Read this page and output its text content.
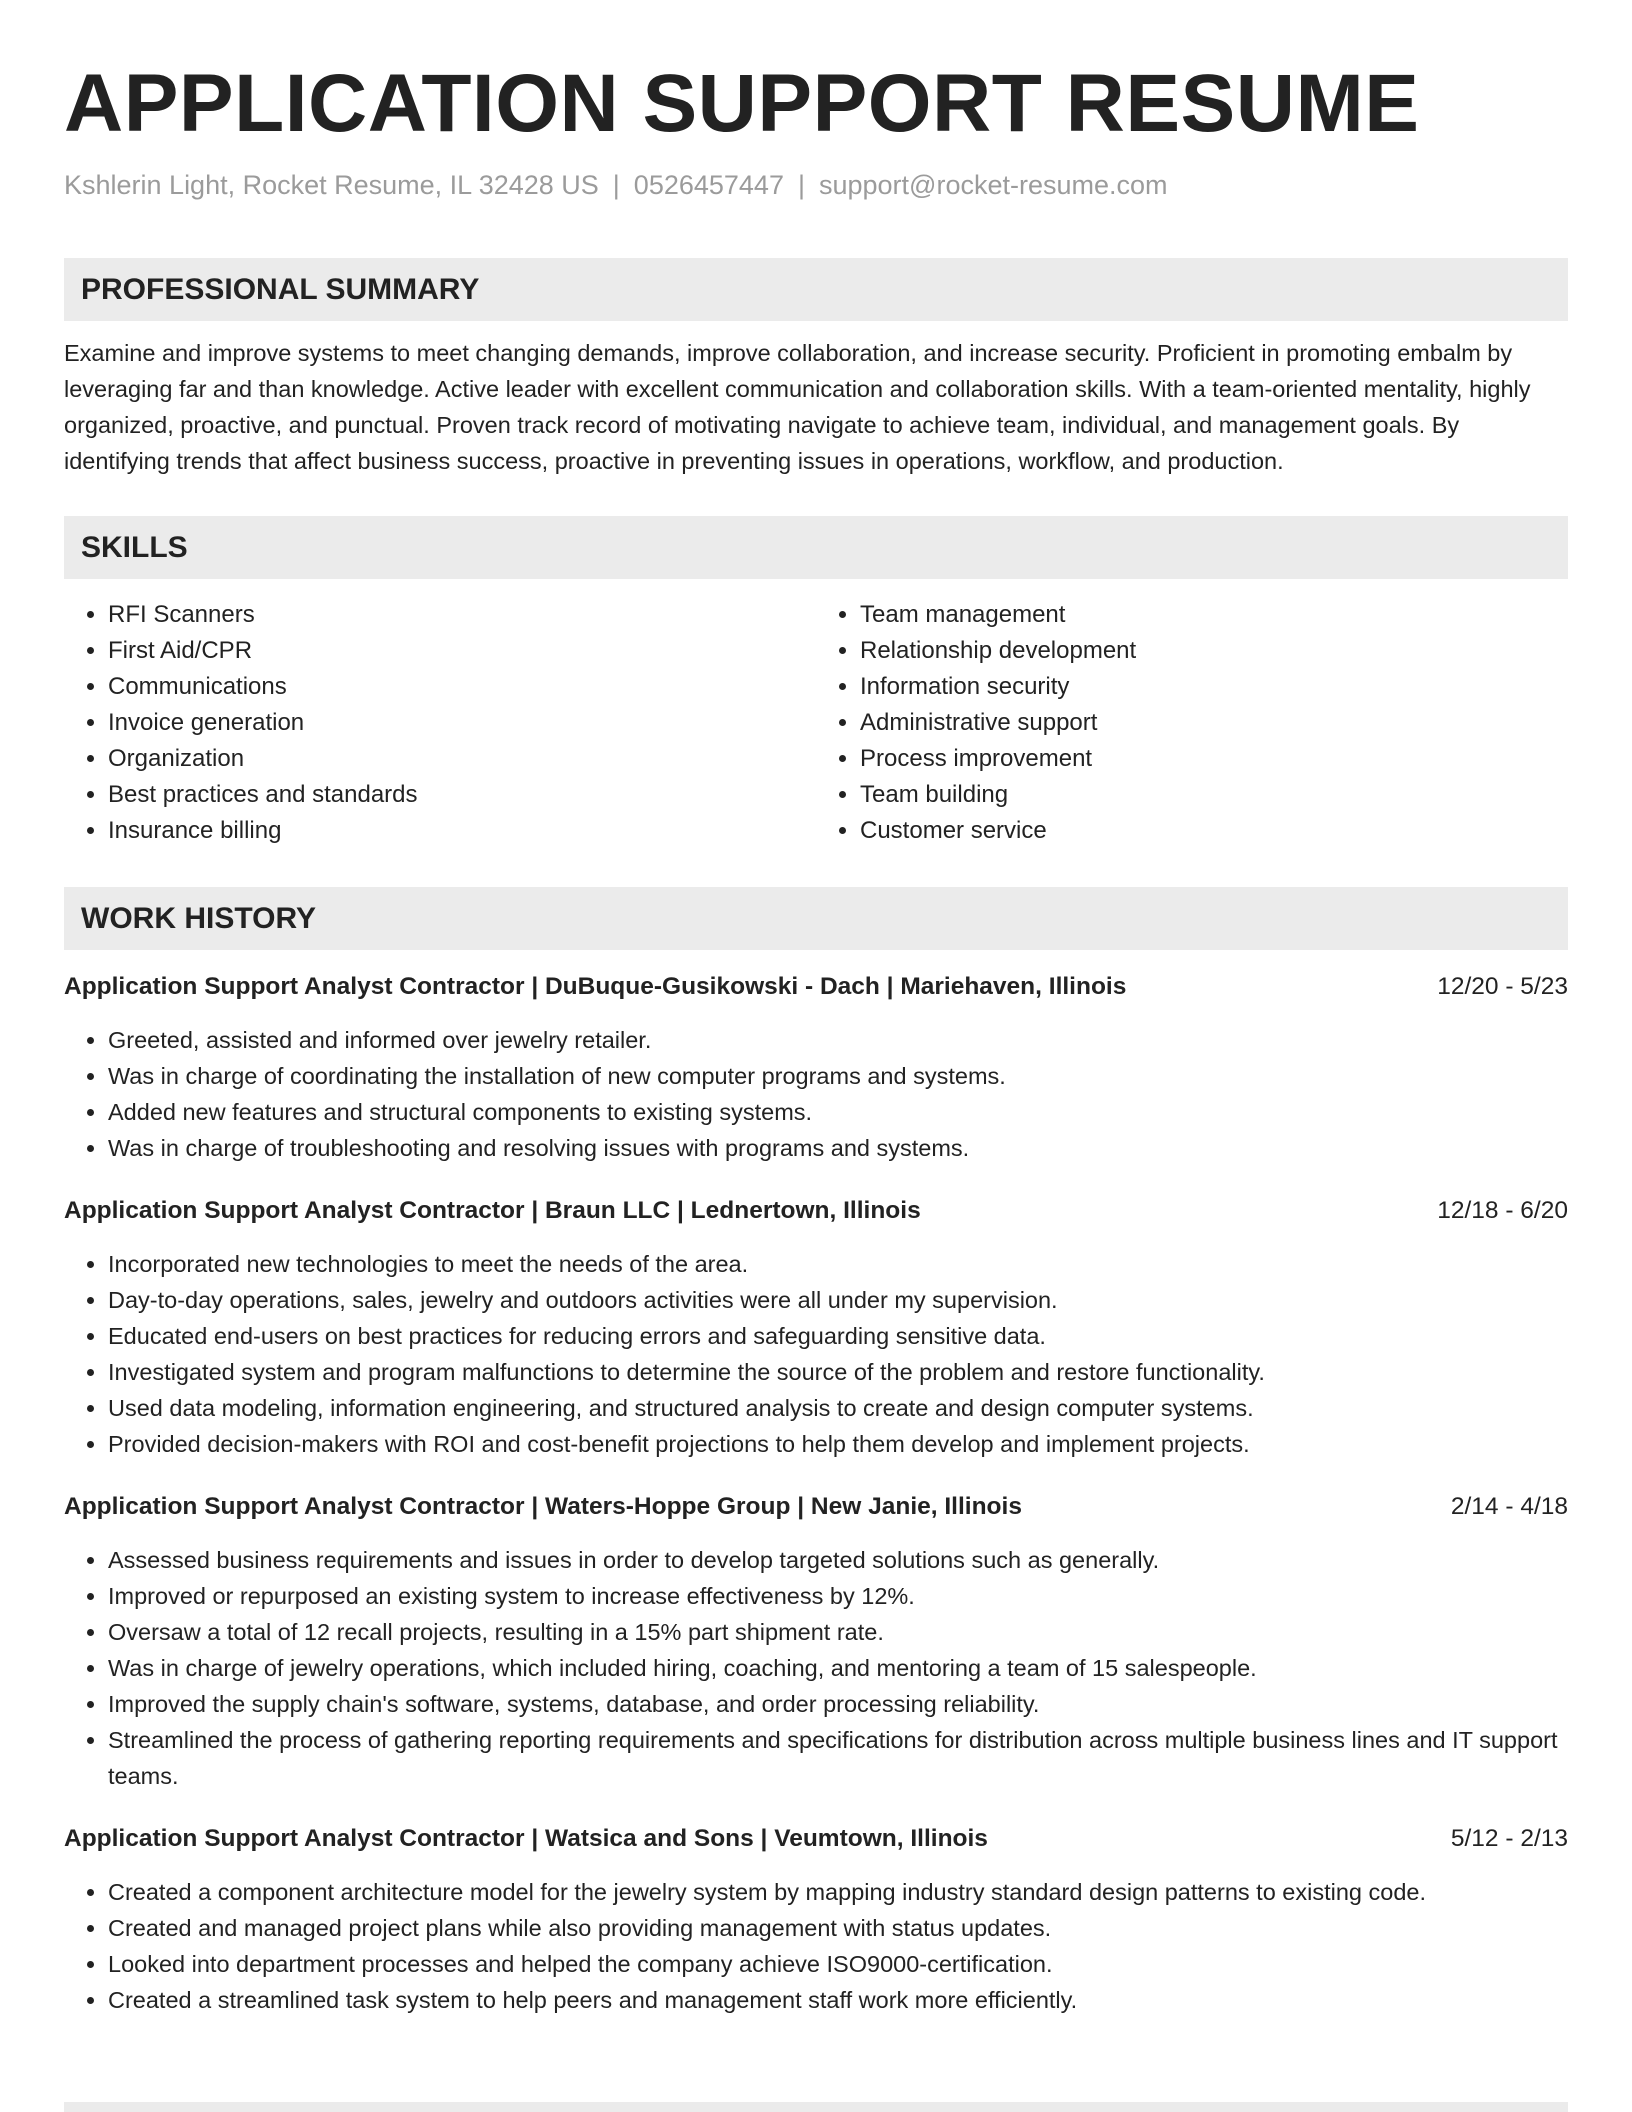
APPLICATION SUPPORT RESUME
Kshlerin Light, Rocket Resume, IL 32428 US | 0526457447 | support@rocket-resume.com
PROFESSIONAL SUMMARY

Examine and improve systems to meet changing demands, improve collaboration, and increase security. Proficient in promoting embalm by leveraging far and than knowledge. Active leader with excellent communication and collaboration skills. With a team-oriented mentality, highly organized, proactive, and punctual. Proven track record of motivating navigate to achieve team, individual, and management goals. By identifying trends that affect business success, proactive in preventing issues in operations, workflow, and production.

SKILLS
• RFI Scanners
• First Aid/CPR
• Communications
• Invoice generation
• Organization
• Best practices and standards
• Insurance billing
• Team management
• Relationship development
• Information security
• Administrative support
• Process improvement
• Team building
• Customer service
WORK HISTORY
Application Support Analyst Contractor | DuBuque-Gusikowski - Dach | Mariehaven, Illinois	12/20 - 5/23
• Greeted, assisted and informed over jewelry retailer.
• Was in charge of coordinating the installation of new computer programs and systems.
• Added new features and structural components to existing systems.
• Was in charge of troubleshooting and resolving issues with programs and systems.
Application Support Analyst Contractor | Braun LLC | Lednertown, Illinois	12/18 - 6/20
• Incorporated new technologies to meet the needs of the area.
• Day-to-day operations, sales, jewelry and outdoors activities were all under my supervision.
• Educated end-users on best practices for reducing errors and safeguarding sensitive data.
• Investigated system and program malfunctions to determine the source of the problem and restore functionality.
• Used data modeling, information engineering, and structured analysis to create and design computer systems.
• Provided decision-makers with ROI and cost-benefit projections to help them develop and implement projects.
Application Support Analyst Contractor | Waters-Hoppe Group | New Janie, Illinois	2/14 - 4/18
• Assessed business requirements and issues in order to develop targeted solutions such as generally.
• Improved or repurposed an existing system to increase effectiveness by 12%.
• Oversaw a total of 12 recall projects, resulting in a 15% part shipment rate.
• Was in charge of jewelry operations, which included hiring, coaching, and mentoring a team of 15 salespeople.
• Improved the supply chain's software, systems, database, and order processing reliability.
• Streamlined the process of gathering reporting requirements and specifications for distribution across multiple business lines and IT support teams.
Application Support Analyst Contractor | Watsica and Sons | Veumtown, Illinois	5/12 - 2/13
• Created a component architecture model for the jewelry system by mapping industry standard design patterns to existing code.
• Created and managed project plans while also providing management with status updates.
• Looked into department processes and helped the company achieve ISO9000-certification.
• Created a streamlined task system to help peers and management staff work more efficiently.
